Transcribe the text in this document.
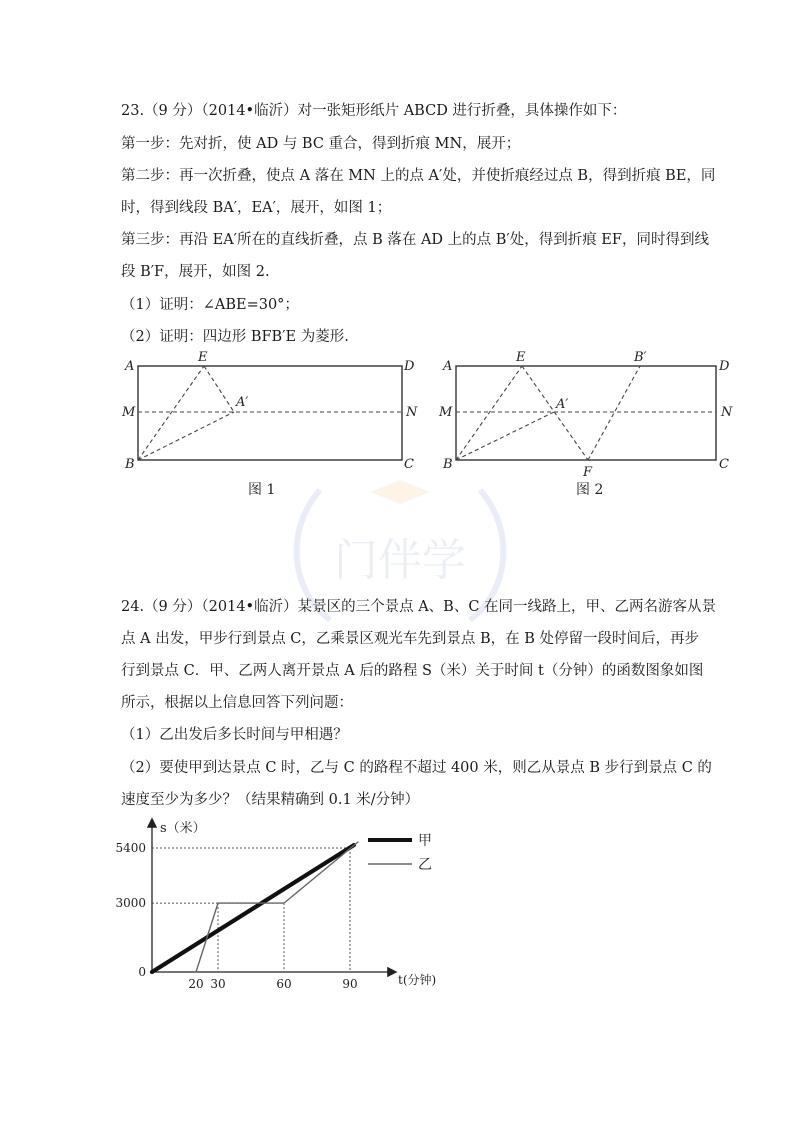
23.（9 分）（2014•临沂）对一张矩形纸片 ABCD 进行折叠，具体操作如下：
第一步：先对折，使 AD 与 BC 重合，得到折痕 MN，展开；
第二步：再一次折叠，使点 A 落在 MN 上的点 A′处，并使折痕经过点 B，得到折痕 BE，同
时，得到线段 BA′，EA′，展开，如图 1；
第三步：再沿 EA′所在的直线折叠，点 B 落在 AD 上的点 B′处，得到折痕 EF，同时得到线
段 B′F，展开，如图 2.
（1）证明：∠ABE=30°；
（2）证明：四边形 BFB′E 为菱形.
A
E
D
M
A′
N
B	C
图 1
A
E	B′
D
M
A′
N
B
F
C
图 2
门伴学
24.（9 分）（2014•临沂）某景区的三个景点 A、B、C 在同一线路上，甲、乙两名游客从景
点 A 出发，甲步行到景点 C，乙乘景区观光车先到景点 B，在 B 处停留一段时间后，再步
行到景点 C．甲、乙两人离开景点 A 后的路程 S（米）关于时间 t（分钟）的函数图象如图
所示，根据以上信息回答下列问题：
（1）乙出发后多长时间与甲相遇？
（2）要使甲到达景点 C 时，乙与 C 的路程不超过 400 米，则乙从景点 B 步行到景点 C 的
速度至少为多少？（结果精确到 0.1 米/分钟）
0
3000
5400
20 30	60	90
s（米）
t(分钟)
甲
乙
